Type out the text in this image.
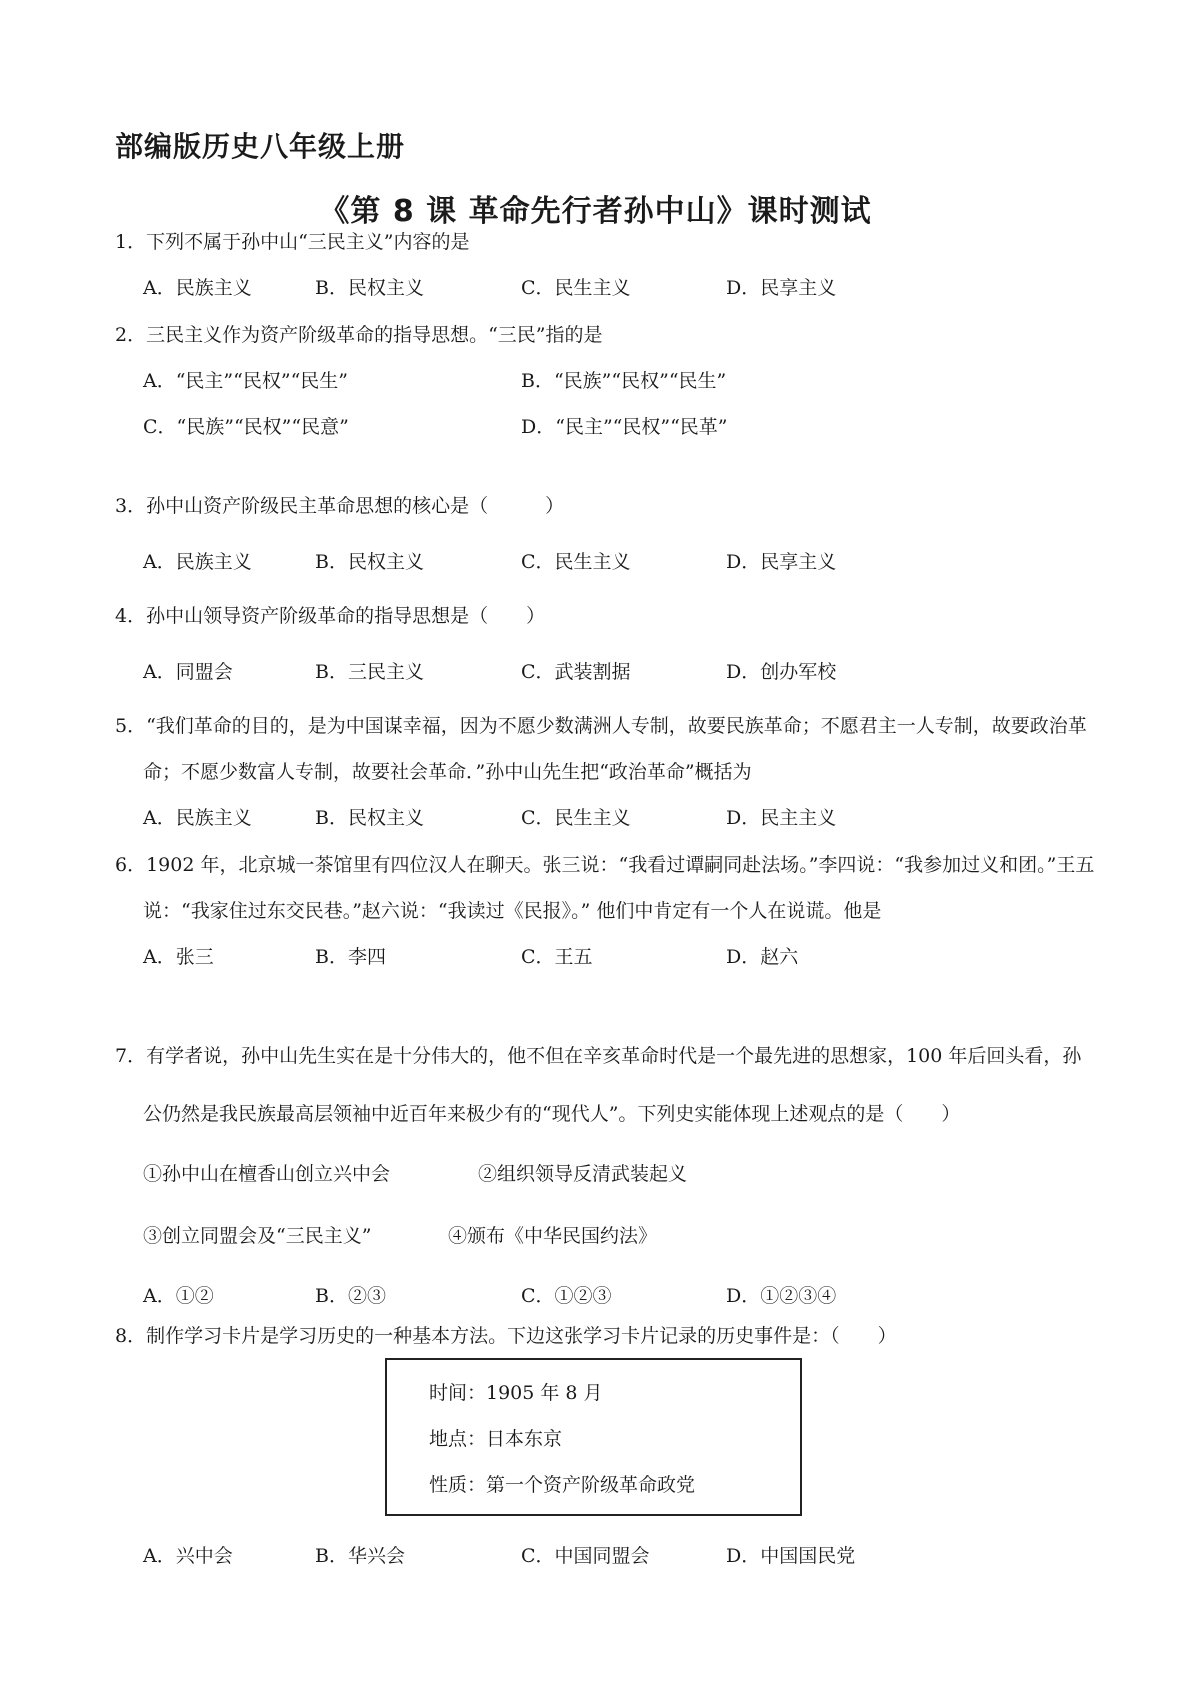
部编版历史八年级上册
《第 8 课 革命先行者孙中山》课时测试

1．下列不属于孙中山“三民主义”内容的是

A．民族主义	B．民权主义	C．民生主义	D．民享主义

2．三民主义作为资产阶级革命的指导思想。“三民”指的是

A．“民主”“民权”“民生”	B．“民族”“民权”“民生”
C．“民族”“民权”“民意”	D．“民主”“民权”“民革”

3．孙中山资产阶级民主革命思想的核心是（　　　）

A．民族主义	B．民权主义	C．民生主义	D．民享主义

4．孙中山领导资产阶级革命的指导思想是（　　）

A．同盟会	B．三民主义	C．武装割据	D．创办军校

5．“我们革命的目的，是为中国谋幸福，因为不愿少数满洲人专制，故要民族革命；不愿君主一人专制，故要政治革命；不愿少数富人专制，故要社会革命．”孙中山先生把“政治革命”概括为

A．民族主义	B．民权主义	C．民生主义	D．民主主义

6．1902 年，北京城一茶馆里有四位汉人在聊天。张三说：“我看过谭嗣同赴法场。”李四说：“我参加过义和团。”王五说：“我家住过东交民巷。”赵六说：“我读过《民报》。” 他们中肯定有一个人在说谎。他是

A．张三	B．李四	C．王五	D．赵六

7．有学者说，孙中山先生实在是十分伟大的，他不但在辛亥革命时代是一个最先进的思想家，100 年后回头看，孙公仍然是我民族最高层领袖中近百年来极少有的“现代人”。下列史实能体现上述观点的是（　　）

①孙中山在檀香山创立兴中会	②组织领导反清武装起义
③创立同盟会及“三民主义”	④颁布《中华民国约法》
A．①②	B．②③	C．①②③	D．①②③④

8．制作学习卡片是学习历史的一种基本方法。下边这张学习卡片记录的历史事件是：（　　）

时间：1905 年 8 月

地点：日本东京

性质：第一个资产阶级革命政党

A．兴中会	B．华兴会	C．中国同盟会	D．中国国民党
